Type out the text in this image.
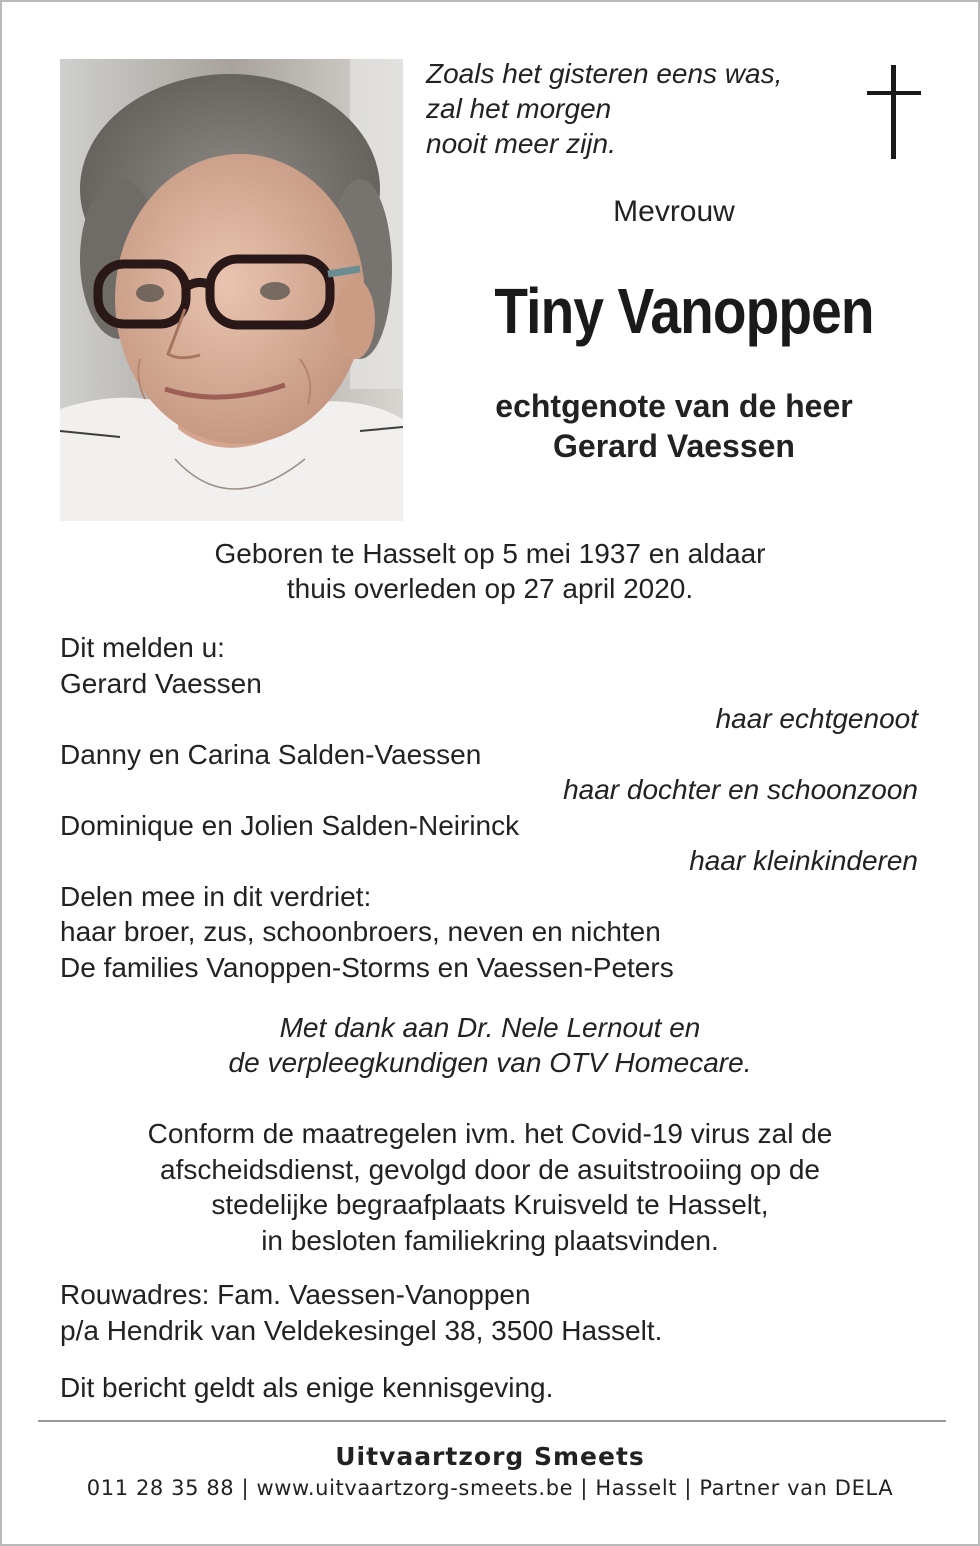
Zoals het gisteren eens was,
zal het morgen
nooit meer zijn.
Mevrouw
Tiny Vanoppen
echtgenote van de heer
Gerard Vaessen
Geboren te Hasselt op 5 mei 1937 en aldaar
thuis overleden op 27 april 2020.
Dit melden u:
Gerard Vaessen
haar echtgenoot
Danny en Carina Salden-Vaessen
haar dochter en schoonzoon
Dominique en Jolien Salden-Neirinck
haar kleinkinderen
Delen mee in dit verdriet:
haar broer, zus, schoonbroers, neven en nichten
De families Vanoppen-Storms en Vaessen-Peters
Met dank aan Dr. Nele Lernout en
de verpleegkundigen van OTV Homecare.
Conform de maatregelen ivm. het Covid-19 virus zal de
afscheidsdienst, gevolgd door de asuitstrooiing op de
stedelijke begraafplaats Kruisveld te Hasselt,
in besloten familiekring plaatsvinden.
Rouwadres: Fam. Vaessen-Vanoppen
p/a Hendrik van Veldekesingel 38, 3500 Hasselt.
Dit bericht geldt als enige kennisgeving.
Uitvaartzorg Smeets
011 28 35 88 | www.uitvaartzorg-smeets.be | Hasselt | Partner van DELA
